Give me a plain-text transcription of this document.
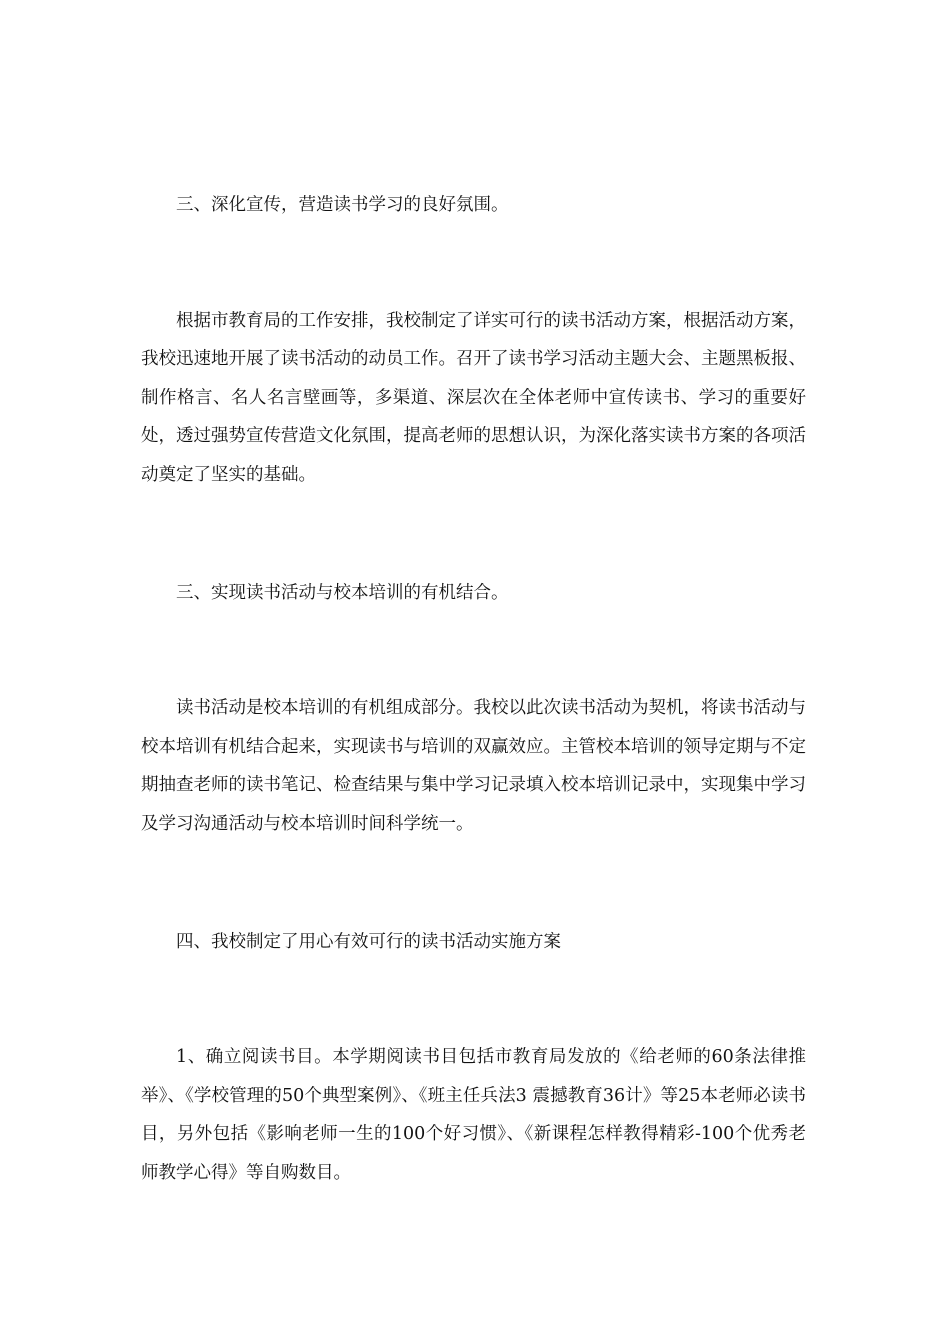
三、深化宣传，营造读书学习的良好氛围。

根据市教育局的工作安排，我校制定了详实可行的读书活动方案，根据活动方案，我校迅速地开展了读书活动的动员工作。召开了读书学习活动主题大会、主题黑板报、制作格言、名人名言壁画等，多渠道、深层次在全体老师中宣传读书、学习的重要好处，透过强势宣传营造文化氛围，提高老师的思想认识，为深化落实读书方案的各项活动奠定了坚实的基础。

三、实现读书活动与校本培训的有机结合。

读书活动是校本培训的有机组成部分。我校以此次读书活动为契机，将读书活动与校本培训有机结合起来，实现读书与培训的双赢效应。主管校本培训的领导定期与不定期抽查老师的读书笔记、检查结果与集中学习记录填入校本培训记录中，实现集中学习及学习沟通活动与校本培训时间科学统一。

四、我校制定了用心有效可行的读书活动实施方案

1、确立阅读书目。本学期阅读书目包括市教育局发放的《给老师的60条法律推举》、《学校管理的50个典型案例》、《班主任兵法3 震撼教育36计》等25本老师必读书目，另外包括《影响老师一生的100个好习惯》、《新课程怎样教得精彩-100个优秀老师教学心得》等自购数目。
